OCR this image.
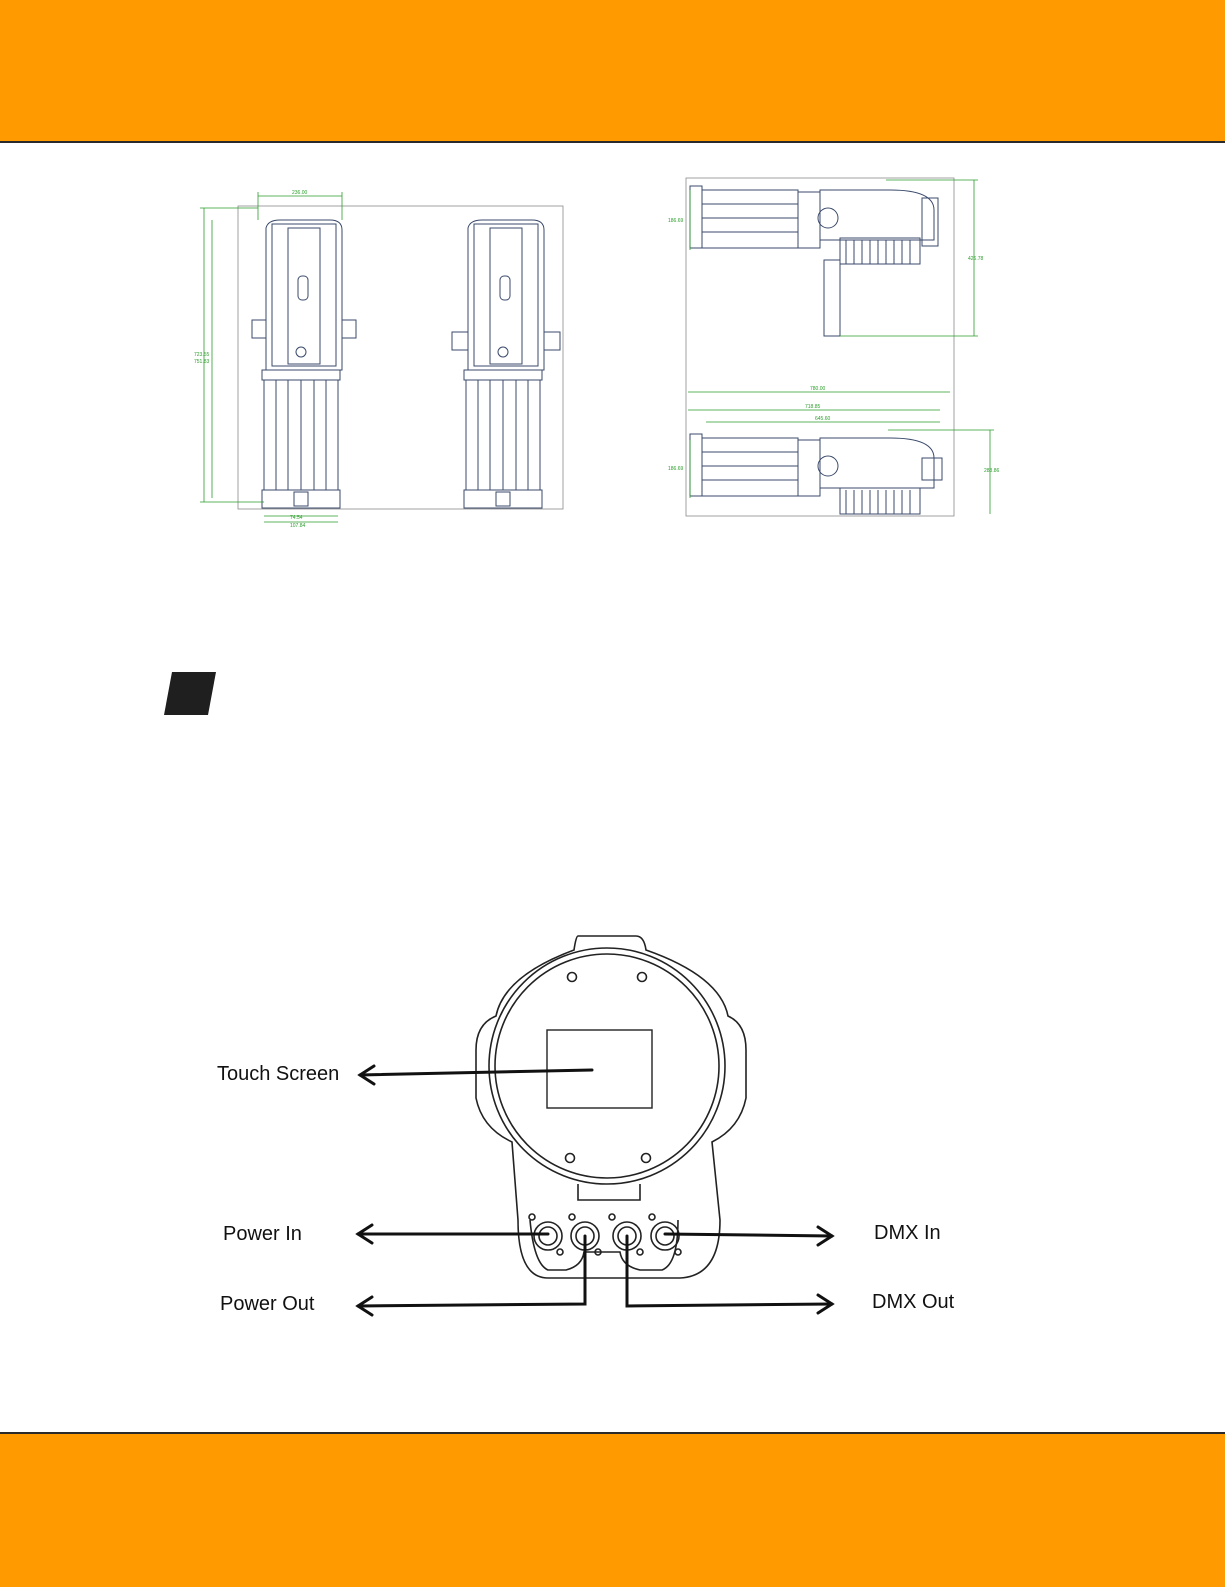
236.00
723.55
751.83
74.54
107.84
186.69
426.78
780.00
718.85
645.60
186.69	283.86
Touch Screen
Power In
Power Out
DMX In
DMX Out
